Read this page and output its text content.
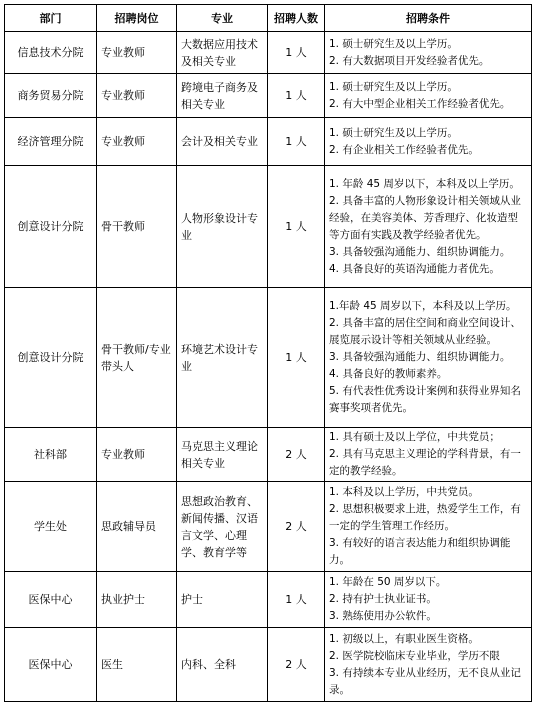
部门	招聘岗位	专业	招聘人数	招聘条件
信息技术分院	专业教师	大数据应用技术及相关专业	1 人	1. 硕士研究生及以上学历。
2. 有大数据项目开发经验者优先。

商务贸易分院	专业教师	跨境电子商务及相关专业	1 人	1. 硕士研究生及以上学历。
2. 有大中型企业相关工作经验者优先。

经济管理分院	专业教师	会计及相关专业	1 人	1. 硕士研究生及以上学历。
2. 有企业相关工作经验者优先。

创意设计分院	骨干教师	人物形象设计专业	1 人	1. 年龄 45 周岁以下，本科及以上学历。
2. 具备丰富的人物形象设计相关领域从业经验，在美容美体、芳香理疗、化妆造型等方面有实践及教学经验者优先。
3. 具备较强沟通能力、组织协调能力。
4. 具备良好的英语沟通能力者优先。

创意设计分院	骨干教师/专业带头人	环境艺术设计专业	1 人	1.年龄 45 周岁以下，本科及以上学历。
2. 具备丰富的居住空间和商业空间设计、展览展示设计等相关领域从业经验。
3. 具备较强沟通能力、组织协调能力。
4. 具备良好的教师素养。
5. 有代表性优秀设计案例和获得业界知名赛事奖项者优先。

社科部	专业教师	马克思主义理论相关专业	2 人	1. 具有硕士及以上学位，中共党员；
2. 具有马克思主义理论的学科背景，有一定的教学经验。

学生处	思政辅导员	思想政治教育、新闻传播、汉语言文学、心理学、教育学等	2 人	1. 本科及以上学历，中共党员。
2. 思想积极要求上进，热爱学生工作，有一定的学生管理工作经历。
3. 有较好的语言表达能力和组织协调能力。

医保中心	执业护士	护士	1 人	1. 年龄在 50 周岁以下。
2. 持有护士执业证书。
3. 熟练使用办公软件。

医保中心	医生	内科、全科	2 人	1. 初级以上，有职业医生资格。
2. 医学院校临床专业毕业，学历不限
3. 有持续本专业从业经历，无不良从业记录。
